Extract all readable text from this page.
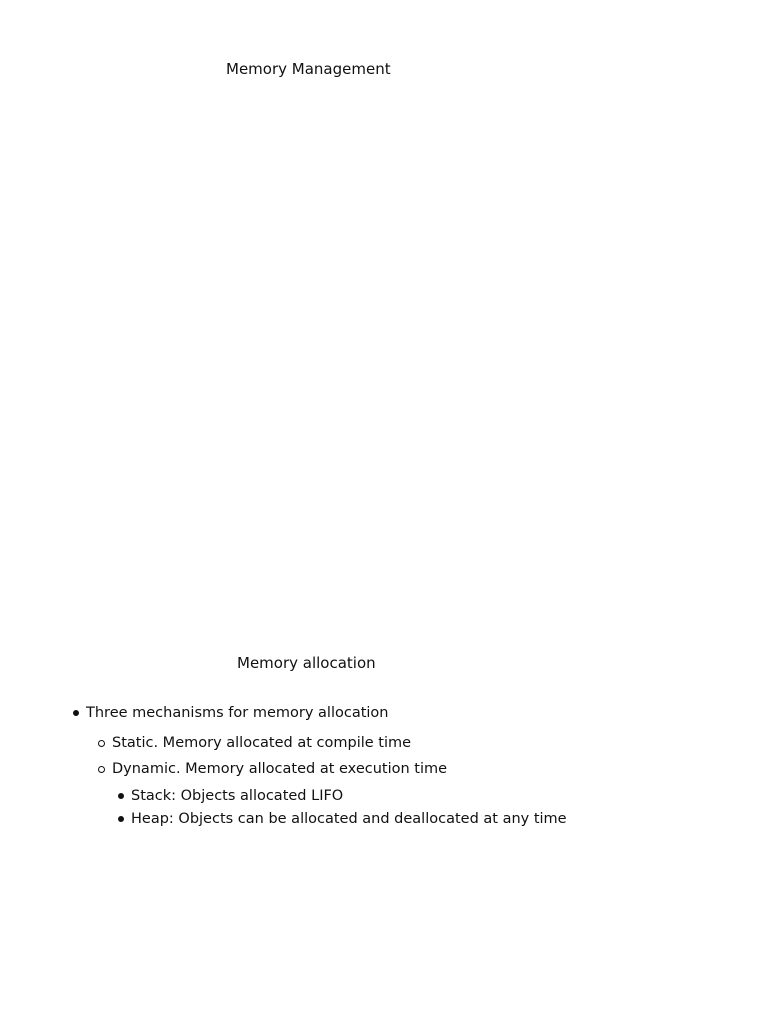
Memory Management
Memory allocation
Three mechanisms for memory allocation
Static. Memory allocated at compile time
Dynamic. Memory allocated at execution time
Stack: Objects allocated LIFO
Heap: Objects can be allocated and deallocated at any time
